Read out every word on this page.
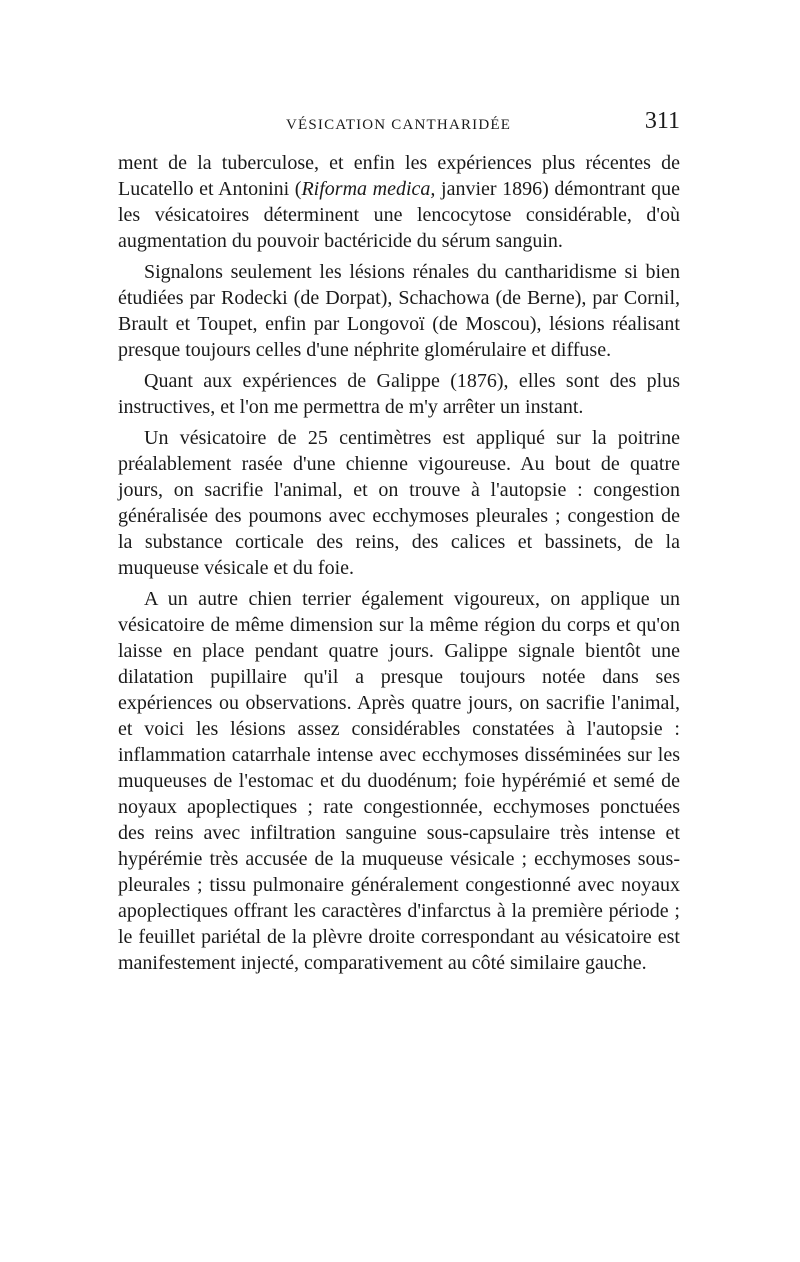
VÉSICATION CANTHARIDÉE	311

ment de la tuberculose, et enfin les expériences plus récentes de Lucatello et Antonini (Riforma medica, janvier 1896) démontrant que les vésicatoires déterminent une lencocytose considérable, d'où augmentation du pouvoir bactéricide du sérum sanguin.

Signalons seulement les lésions rénales du cantharidisme si bien étudiées par Rodecki (de Dorpat), Schachowa (de Berne), par Cornil, Brault et Toupet, enfin par Longovoï (de Moscou), lésions réalisant presque toujours celles d'une néphrite glomérulaire et diffuse.

Quant aux expériences de Galippe (1876), elles sont des plus instructives, et l'on me permettra de m'y arrêter un instant.

Un vésicatoire de 25 centimètres est appliqué sur la poitrine préalablement rasée d'une chienne vigoureuse. Au bout de quatre jours, on sacrifie l'animal, et on trouve à l'autopsie : congestion généralisée des poumons avec ecchymoses pleurales ; congestion de la substance corticale des reins, des calices et bassinets, de la muqueuse vésicale et du foie.

A un autre chien terrier également vigoureux, on applique un vésicatoire de même dimension sur la même région du corps et qu'on laisse en place pendant quatre jours. Galippe signale bientôt une dilatation pupillaire qu'il a presque toujours notée dans ses expériences ou observations. Après quatre jours, on sacrifie l'animal, et voici les lésions assez considérables constatées à l'autopsie : inflammation catarrhale intense avec ecchymoses disséminées sur les muqueuses de l'estomac et du duodénum; foie hypérémié et semé de noyaux apoplectiques ; rate congestionnée, ecchymoses ponctuées des reins avec infiltration sanguine sous-capsulaire très intense et hypérémie très accusée de la muqueuse vésicale ; ecchymoses sous-pleurales ; tissu pulmonaire généralement congestionné avec noyaux apoplectiques offrant les caractères d'infarctus à la première période ; le feuillet pariétal de la plèvre droite correspondant au vésicatoire est manifestement injecté, comparativement au côté similaire gauche.
